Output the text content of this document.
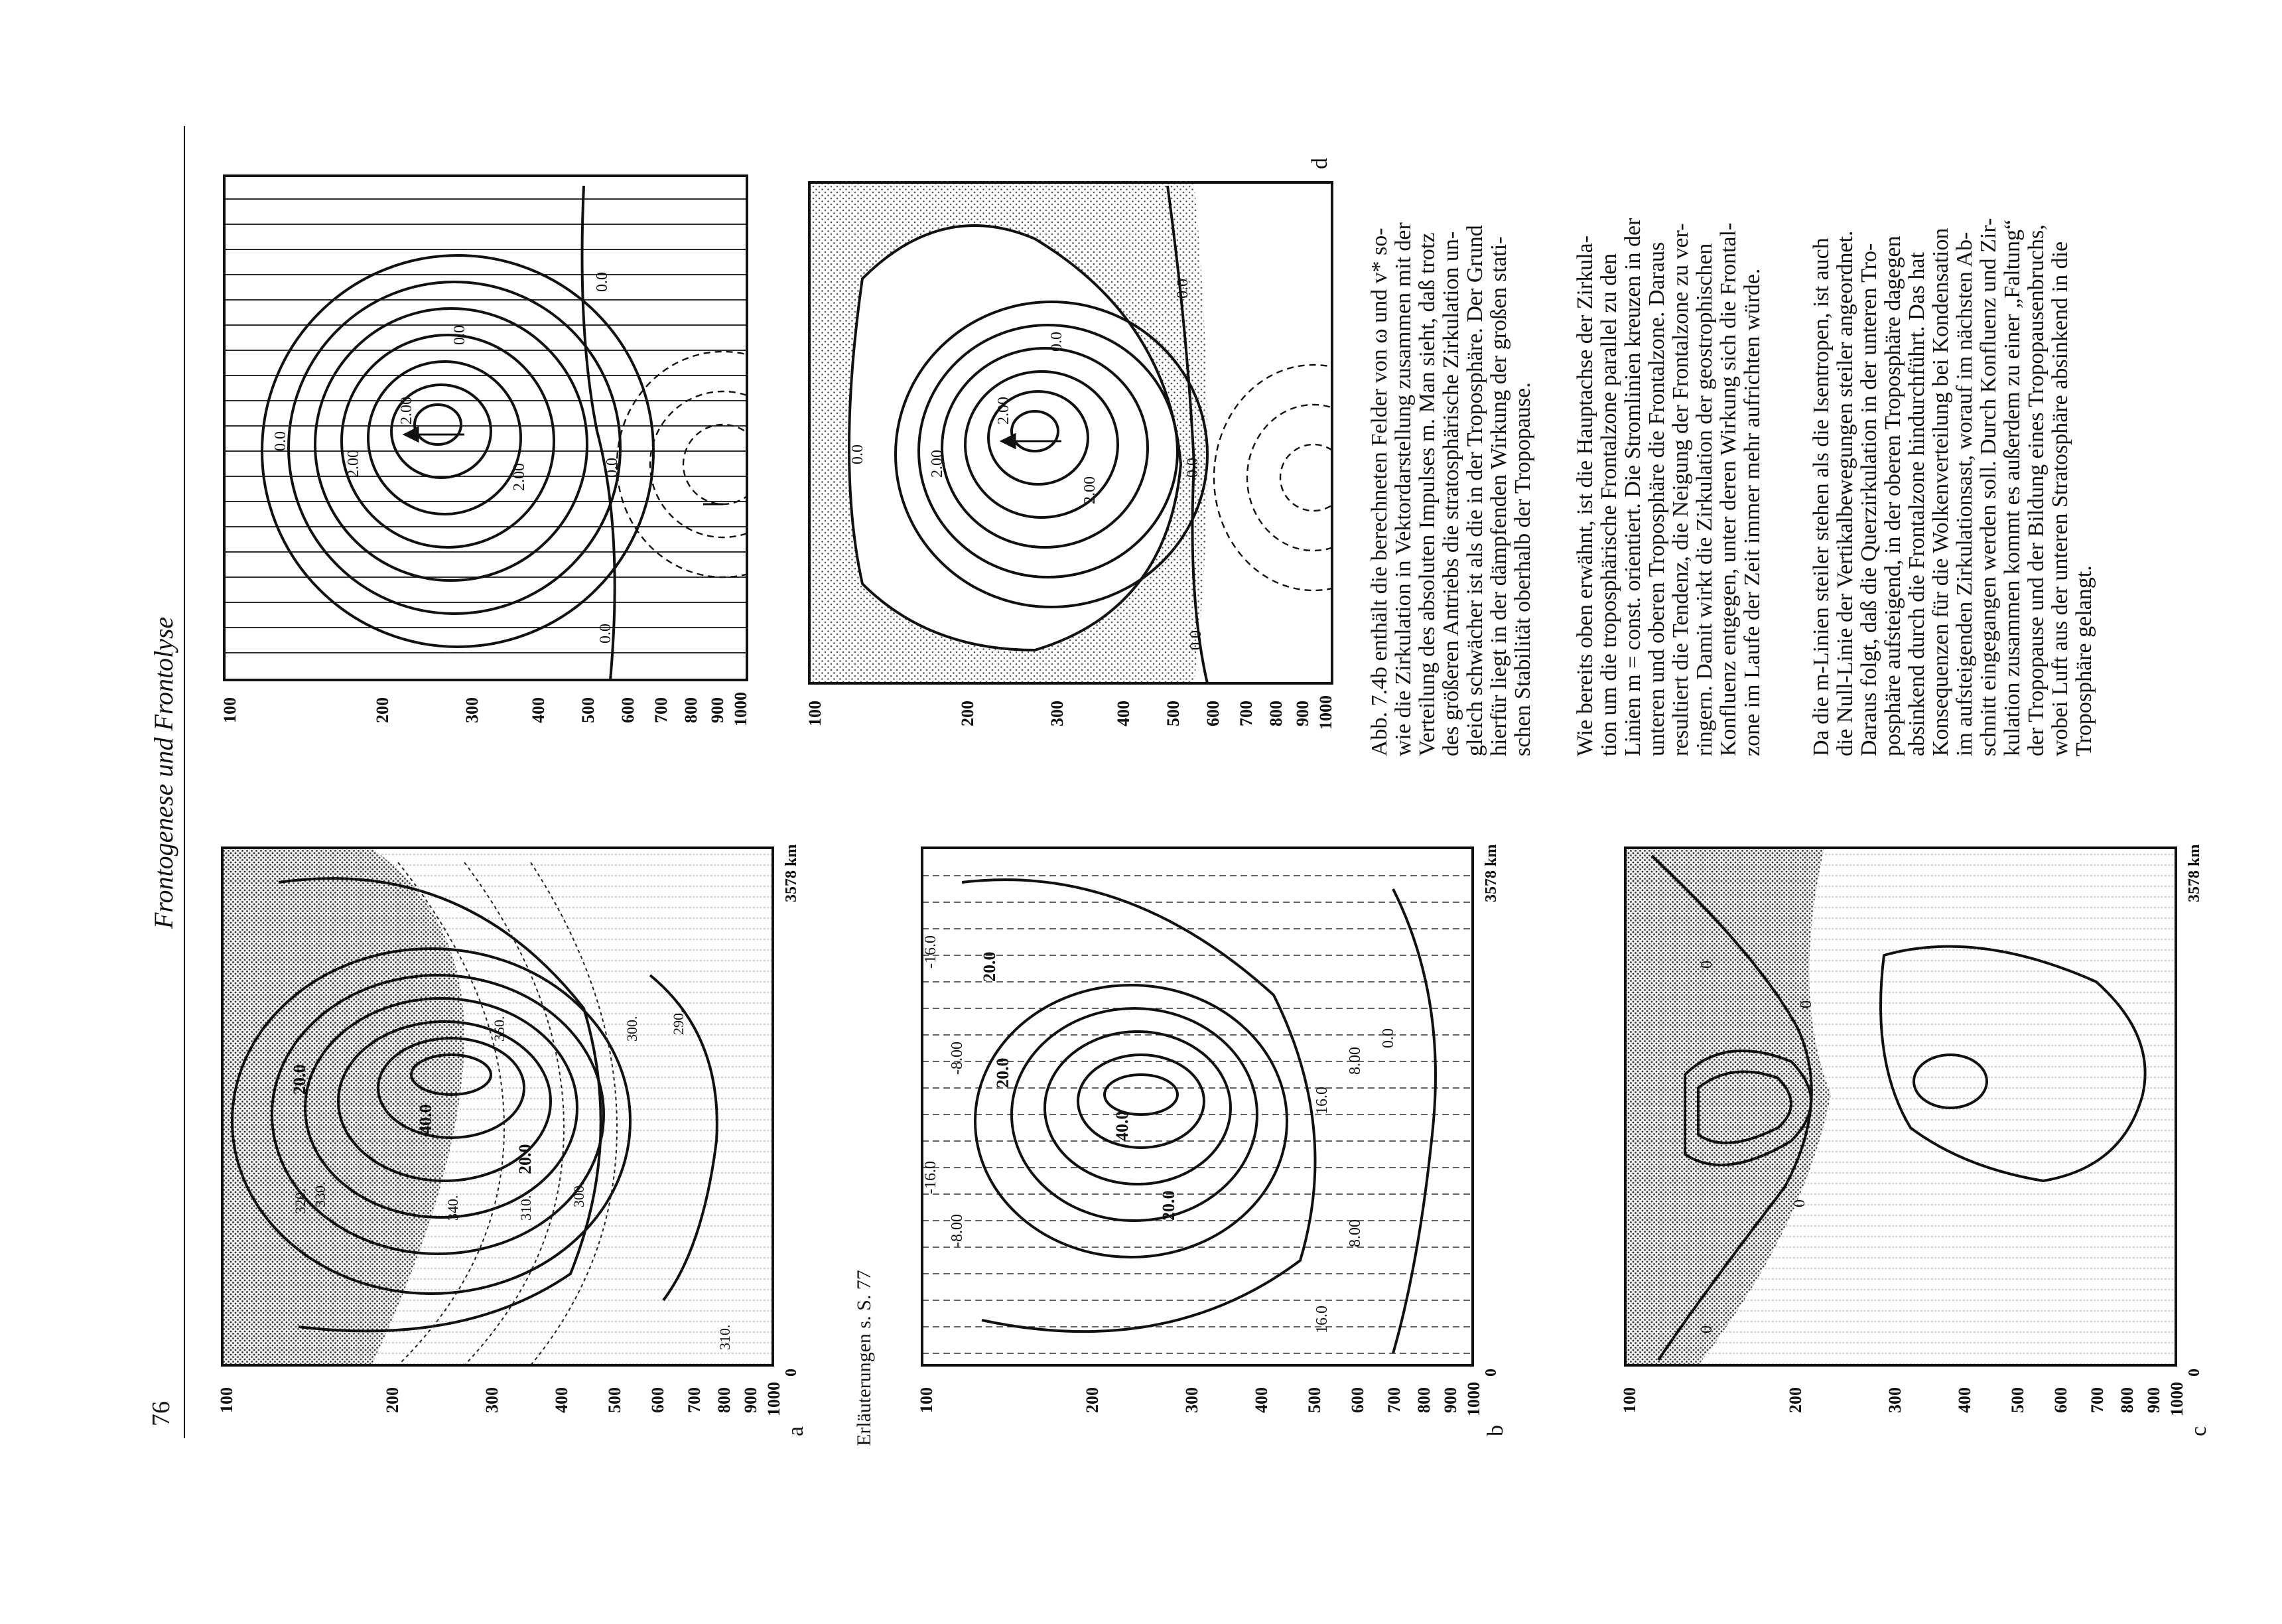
76
Frontogenese und Frontolyse
20.0
40.0
20.0
310.
300. 290.
300.
310.
320. 330.
340.
350.
100	200	300	400 500 600 700 800 900 1000
0
3578 km
a Erläuterungen s. S. 77
20.0
40.0
20.0
20.0
0.0
-8.00
-8.00
8.00
8.00
-16.0
-16.0
16.0
16.0
100	200	300	400 500 600 700 800 900 1000
0
3578 km
b
0
0
0
0
100	200	300	400 500 600 700 800 900 1000
0
3578 km
c
0.0
2.00
2.00
2.00
0.0
0.0
0.0
0.0
100	200	300	400 500 600 700 800 900 1000
0.0	2.00
2.00
2.00
0.0
0.0
0.0
0.0
100	200	300	400 500 600 700 800 900 1000
d
Abb. 7.4b enthält die berechneten Felder von ω und v* so- wie die Zirkulation in Vektordarstellung zusammen mit der Verteilung des absoluten Impulses m. Man sieht, daß trotz des größeren Antriebs die stratosphärische Zirkulation un- gleich schwächer ist als die in der Troposphäre. Der Grund hierfür liegt in der dämpfenden Wirkung der großen stati- schen Stabilität oberhalb der Tropopause. Wie bereits oben erwähnt, ist die Hauptachse der Zirkula- tion um die troposphärische Frontalzone parallel zu den Linien m = const. orientiert. Die Stromlinien kreuzen in der unteren und oberen Troposphäre die Frontalzone. Daraus resultiert die Tendenz, die Neigung der Frontalzone zu ver- ringern. Damit wirkt die Zirkulation der geostrophischen Konfluenz entgegen, unter deren Wirkung sich die Frontal- zone im Laufe der Zeit immer mehr aufrichten würde. Da die m-Linien steiler stehen als die Isentropen, ist auch die Null-Linie der Vertikalbewegungen steiler angeordnet. Daraus folgt, daß die Querzirkulation in der unteren Tro- posphäre aufsteigend, in der oberen Troposphäre dagegen absinkend durch die Frontalzone hindurchführt. Das hat Konsequenzen für die Wolkenverteilung bei Kondensation im aufsteigenden Zirkulationsast, worauf im nächsten Ab- schnitt eingegangen werden soll. Durch Konfluenz und Zir- kulation zusammen kommt es außerdem zu einer „Faltung“ der Tropopause und der Bildung eines Tropopausenbruchs, wobei Luft aus der unteren Stratosphäre absinkend in die Troposphäre gelangt.
